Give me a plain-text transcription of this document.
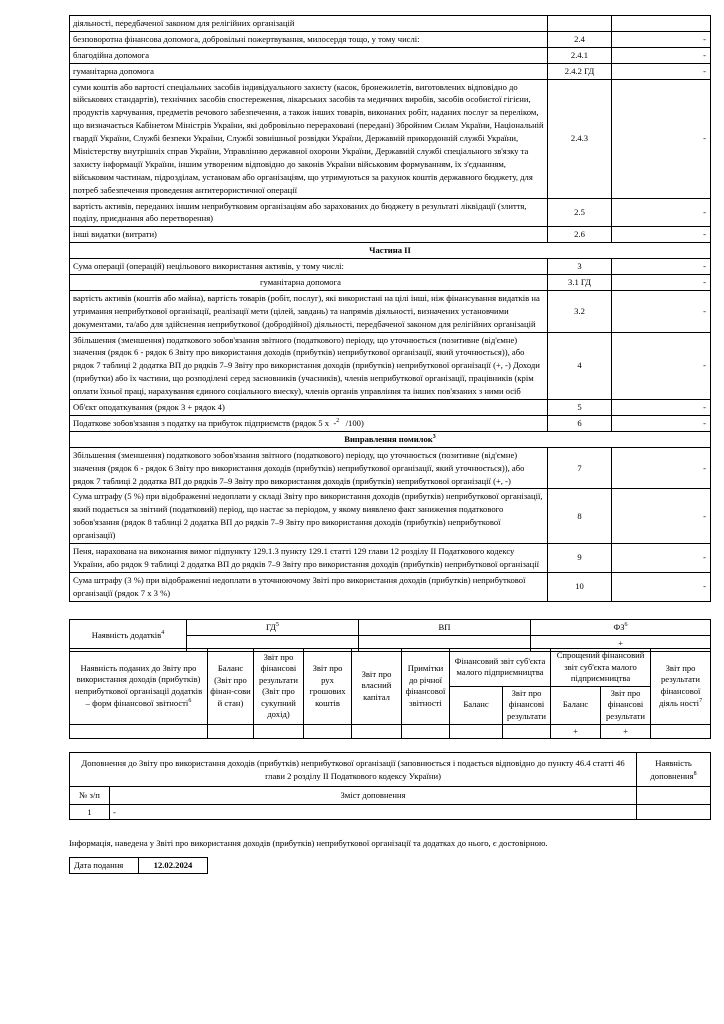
діяльності, передбаченої законом для релігійних організацій		
безповоротна фінансова допомога, добровільні пожертвування, милосердя тощо, у тому числі:	2.4	-
благодійна допомога	2.4.1	-
гуманітарна допомога	2.4.2 ГД	-
суми коштів або вартості спеціальних засобів індивідуального захисту (касок, бронежилетів, виготовлених відповідно до військових стандартів), технічних засобів спостереження, лікарських засобів та медичних виробів, засобів особистої гігієни, продуктів харчування, предметів речового забезпечення, а також інших товарів, виконаних робіт, наданих послуг за переліком, що визначається Кабінетом Міністрів України, які добровільно перераховані (передані) Збройним Силам України, Національній гвардії України, Службі безпеки України, Службі зовнішньої розвідки України, Державній прикордонній службі України, Міністерству внутрішніх справ України, Управлінню державної охорони України, Державній службі спеціального зв'язку та захисту інформації України, іншим утвореним відповідно до законів України військовим формуванням, їх з'єднанням, військовим частинам, підрозділам, установам або організаціям, що утримуються за рахунок коштів державного бюджету, для потреб забезпечення проведення антитерористичної операції	2.4.3	-
вартість активів, переданих іншим неприбутковим організаціям або зарахованих до бюджету в результаті ліквідації (злиття, поділу, приєднання або перетворення)	2.5	-
інші видатки (витрати)	2.6	-
Частина II		
Сума операції (операцій) нецільового використання активів, у тому числі:	3	-
гуманітарна допомога	3.1 ГД	-
вартість активів (коштів або майна), вартість товарів (робіт, послуг), які використані на цілі інші, ніж фінансування видатків на утримання неприбуткової організації, реалізації мети (цілей, завдань) та напрямів діяльності, визначених установчими документами, та/або для здійснення неприбуткової (добродійної) діяльності, передбаченої законом для релігійних організацій	3.2	-
Збільшення (зменшення) податкового зобов'язання звітного (податкового) періоду, що уточнюється (позитивне (від'ємне) значення (рядок 6 - рядок 6 Звіту про використання доходів (прибутків) неприбуткової організації, який уточнюється)), або рядок 7 таблиці 2 додатка ВП до рядків 7–9 Звіту про використання доходів (прибутків) неприбуткової організації (+, -) Доходи (прибутки) або їх частини, що розподілені серед засновників (учасників), членів неприбуткової організації, працівників (крім оплати їхньої праці, нарахування єдиного соціального внеску), членів органів управління та інших пов'язаних з ними осіб	4	-
Об'єкт оподаткування (рядок 3 + рядок 4)	5	-
Податкове зобов'язання з податку на прибуток підприємств (рядок 5 х -$^2$ /100)	6	-
Виправлення помилок$^3$
Збільшення (зменшення) податкового зобов'язання звітного (податкового) періоду, що уточнюється (позитивне (від'ємне) значення (рядок 6 - рядок 6 Звіту про використання доходів (прибутків) неприбуткової організації, який уточнюється)), або рядок 7 таблиці 2 додатка ВП до рядків 7–9 Звіту про використання доходів (прибутків) неприбуткової організації (+, -)	7	-
Сума штрафу (5 %) при відображенні недоплати у складі Звіту про використання доходів (прибутків) неприбуткової організації, який подається за звітний (податковий) період, що настає за періодом, у якому виявлено факт заниження податкового зобов'язання (рядок 8 таблиці 2 додатка ВП до рядків 7–9 Звіту про використання доходів (прибутків) неприбуткової організації)	8	-
Пеня, нарахована на виконання вимог підпункту 129.1.3 пункту 129.1 статті 129 глави 12 розділу II Податкового кодексу України, або рядок 9 таблиці 2 додатка ВП до рядків 7–9 Звіту про використання доходів (прибутків) неприбуткової організації	9	-
Сума штрафу (3 %) при відображенні недоплати в уточнюючому Звіті про використання доходів (прибутків) неприбуткової організації (рядок 7 х 3 %)	10	-
Наявність додатків$^4$	$ГД^5$	ВП	$ФЗ^6$
			+
Наявність поданих до Звіту про використання доходів (прибутків) неприбуткової організації додатків – форм фінансової звітності$^6$	Баланс (Звіт про фінан-сови й стан)	Звіт про фінансові результати (Звіт про сукупний дохід)	Звіт про рух грошових коштів	Звіт про власний капітал	Примітки до річної фінансової звітності	Фінансовий звіт суб'єкта малого підприємництва		Спрощений фінансовий звіт суб'єкта малого підприємництва		Звіт про результати фінансової діяль ності$^7$
						Баланс	Звіт про фінансові результати	Баланс	Звіт про фінансові результати	
								+	+	
Доповнення до Звіту про використання доходів (прибутків) неприбуткової організації (заповнюється і подається відповідно до пункту 46.4 статті 46 глави 2 розділу II Податкового кодексу України)		Наявність доповнення$^8$
№ з/п	Зміст доповнення	
1	-	
Інформація, наведена у Звіті про використання доходів (прибутків) неприбуткової організації та додатках до нього, є достовірною.
Дата подання	12.02.2024
